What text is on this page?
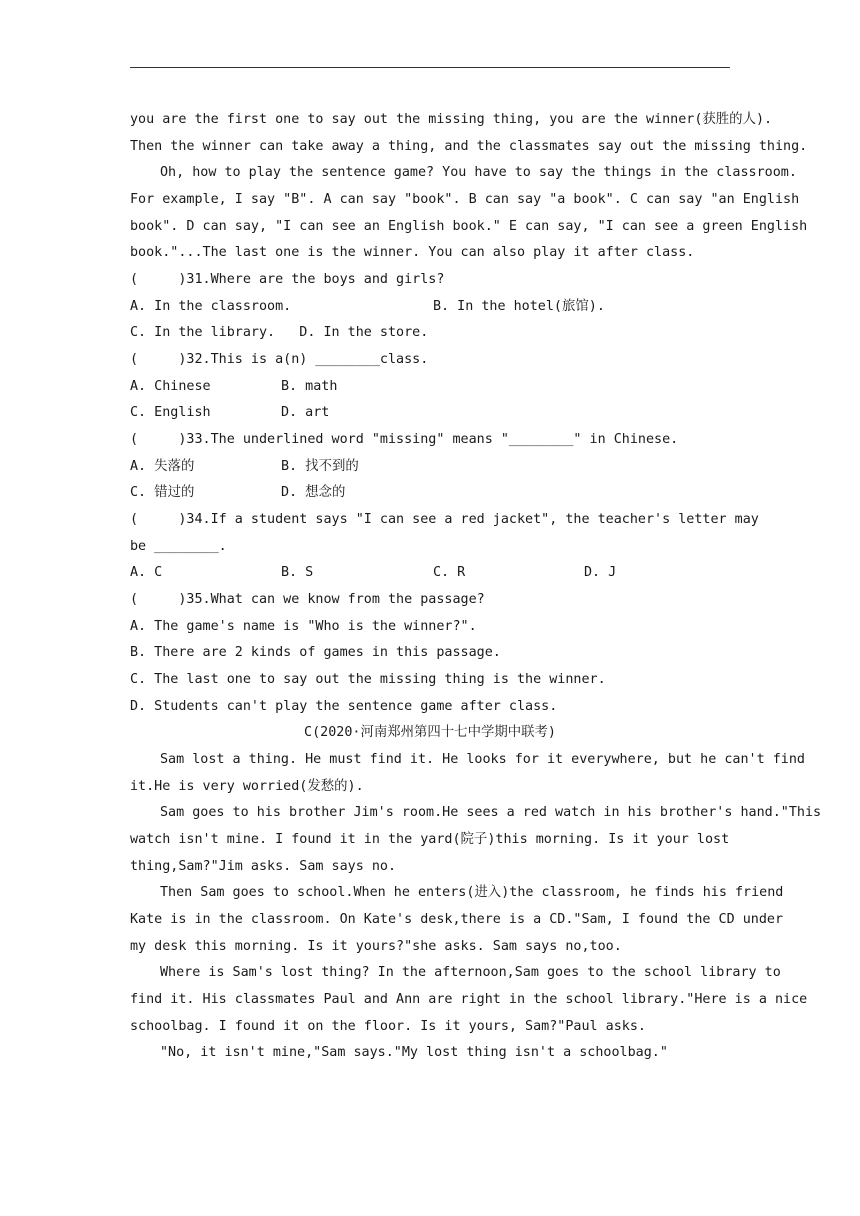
you are the first one to say out the missing thing, you are the winner(获胜的人).
Then the winner can take away a thing, and the classmates say out the missing thing.
Oh, how to play the sentence game? You have to say the things in the classroom.
For example, I say "B". A can say "book". B can say "a book". C can say "an English
book". D can say, "I can see an English book." E can say, "I can see a green English
book."...The last one is the winner. You can also play it after class.
(     )31.Where are the boys and girls?
A. In the classroom.	B. In the hotel(旅馆).
C. In the library.   D. In the store.
(     )32.This is a(n) ________class.
A. Chinese	B. math
C. English	D. art
(     )33.The underlined word "missing" means "________" in Chinese.
A. 失落的	B. 找不到的
C. 错过的	D. 想念的
(     )34.If a student says "I can see a red jacket", the teacher's letter may
be ________.
A. C	B. S	C. R	D. J
(     )35.What can we know from the passage?
A. The game's name is "Who is the winner?".
B. There are 2 kinds of games in this passage.
C. The last one to say out the missing thing is the winner.
D. Students can't play the sentence game after class.
C(2020·河南郑州第四十七中学期中联考)
Sam lost a thing. He must find it. He looks for it everywhere, but he can't find
it.He is very worried(发愁的).
Sam goes to his brother Jim's room.He sees a red watch in his brother's hand."This
watch isn't mine. I found it in the yard(院子)this morning. Is it your lost
thing,Sam?"Jim asks. Sam says no.
Then Sam goes to school.When he enters(进入)the classroom, he finds his friend
Kate is in the classroom. On Kate's desk,there is a CD."Sam, I found the CD under
my desk this morning. Is it yours?"she asks. Sam says no,too.
Where is Sam's lost thing? In the afternoon,Sam goes to the school library to
find it. His classmates Paul and Ann are right in the school library."Here is a nice
schoolbag. I found it on the floor. Is it yours, Sam?"Paul asks.
"No, it isn't mine,"Sam says."My lost thing isn't a schoolbag."
